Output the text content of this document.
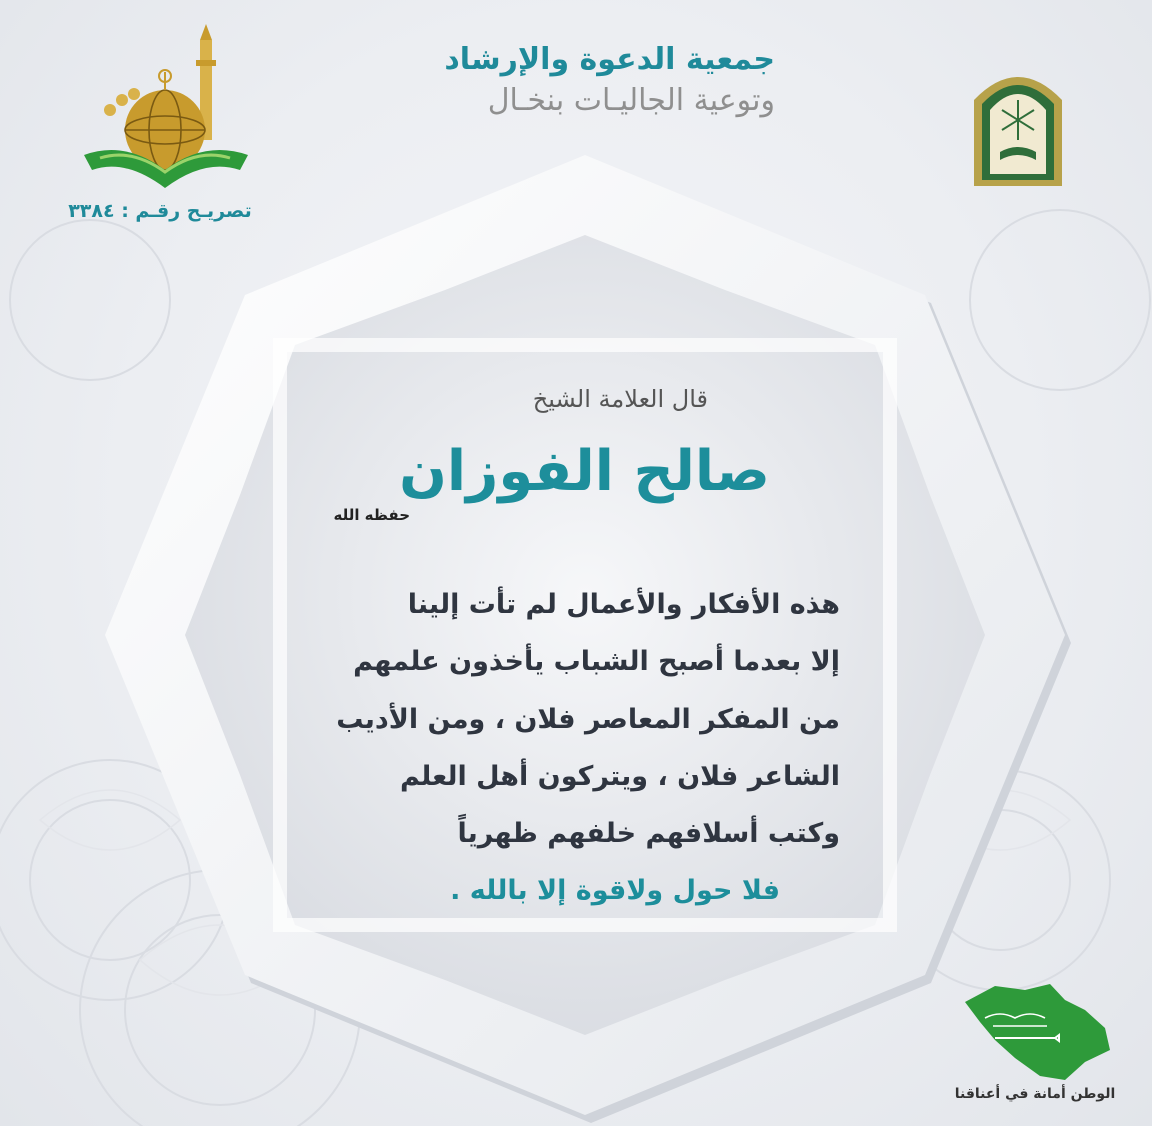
جمعية الدعوة والإرشاد
وتوعية الجاليـات بنخـال
تصريـح رقـم : ٣٣٨٤
قال العلامة الشيخ
صالح الفوزان
حفظه الله
هذه الأفكار والأعمال لم تأت إلينا
إلا بعدما أصبح الشباب يأخذون علمهم
من المفكر المعاصر فلان ، ومن الأديب
الشاعر فلان ، ويتركون أهل العلم
وكتب أسلافهم خلفهم ظهرياً
فلا حول ولاقوة إلا بالله .
الوطن أمانة في أعناقنا
